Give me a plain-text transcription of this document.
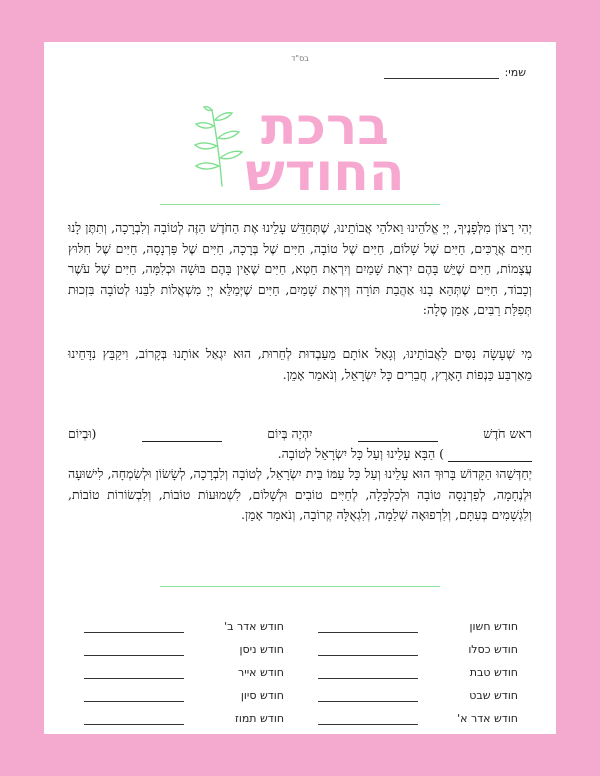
בס"ד
שמי:
ברכת
החודש
יְהִי רָצוֹן מִלְּפָנֶיךָ, יְיָ אֱלֹהֵינוּ וֵאלֹהֵי אֲבוֹתֵינוּ, שֶׁתְּחַדֵּשׁ עָלֵינוּ אֶת הַחֹדֶשׁ הַזֶּה לְטוֹבָה וְלִבְרָכָה, וְתִתֶּן לָנוּ חַיִּים אֲרֻכִּים, חַיִּים שֶׁל שָׁלוֹם, חַיִּים שֶׁל טוֹבָה, חַיִּים שֶׁל בְּרָכָה, חַיִּים שֶׁל פַּרְנָסָה, חַיִּים שֶׁל חִלּוּץ עֲצָמוֹת, חַיִּים שֶׁיֵּשׁ בָּהֶם יִרְאַת שָׁמַיִם וְיִרְאַת חֵטְא, חַיִּים שֶׁאֵין בָּהֶם בּוּשָׁה וּכְלִמָּה, חַיִּים שֶׁל עֹשֶׁר וְכָבוֹד, חַיִּים שֶׁתְּהֵא בָנוּ אַהֲבַת תּוֹרָה וְיִרְאַת שָׁמַיִם, חַיִּים שֶׁיְּמַלֵּא יְיָ מִשְׁאֲלוֹת לִבֵּנוּ לְטוֹבָה בִּזְכוּת תְּפִלַּת רַבִּים, אָמֵן סֶלָה:
מִי שֶׁעָשָׂה נִסִּים לַאֲבוֹתֵינוּ, וְגָאַל אוֹתָם מֵעַבְדוּת לְחֵרוּת, הוּא יִגְאַל אוֹתָנוּ בְּקָרוֹב, וִיקַבֵּץ נִדָּחֵינוּ מֵאַרְבַּע כַּנְפוֹת הָאָרֶץ, חֲבֵרִים כָּל יִשְׂרָאֵל, וְנֹאמַר אָמֵן.
ראש חֹדֶשׁ
יִהְיֶה בְּיוֹם
(וּבְיוֹם
) הַבָּא עָלֵינוּ וְעַל כָּל יִשְׂרָאֵל לְטוֹבָה.
יְחַדְּשֵׁהוּ הַקָּדוֹשׁ בָּרוּךְ הוּא עָלֵינוּ וְעַל כָּל עַמּוֹ בֵּית יִשְׂרָאֵל, לְטוֹבָה וְלִבְרָכָה, לְשָׂשׂוֹן וּלְשִׂמְחָה, לִישׁוּעָה וּלְנֶחָמָה, לְפַרְנָסָה טוֹבָה וּלְכַלְכָּלָה, לְחַיִּים טוֹבִים וּלְשָׁלוֹם, לִשְׁמוּעוֹת טוֹבוֹת, וְלִבְשׂוֹרוֹת טוֹבוֹת, וְלִגְשָׁמִים בְּעִתָּם, וְלִרְפוּאָה שְׁלֵמָה, וְלִגְאֻלָּה קְרוֹבָה, וְנֹאמַר אָמֵן.
חודש חשון
חודש כסלו
חודש טבת
חודש שבט
חודש אדר א'
חודש אדר ב'
חודש ניסן
חודש אייר
חודש סיון
חודש תמוז
